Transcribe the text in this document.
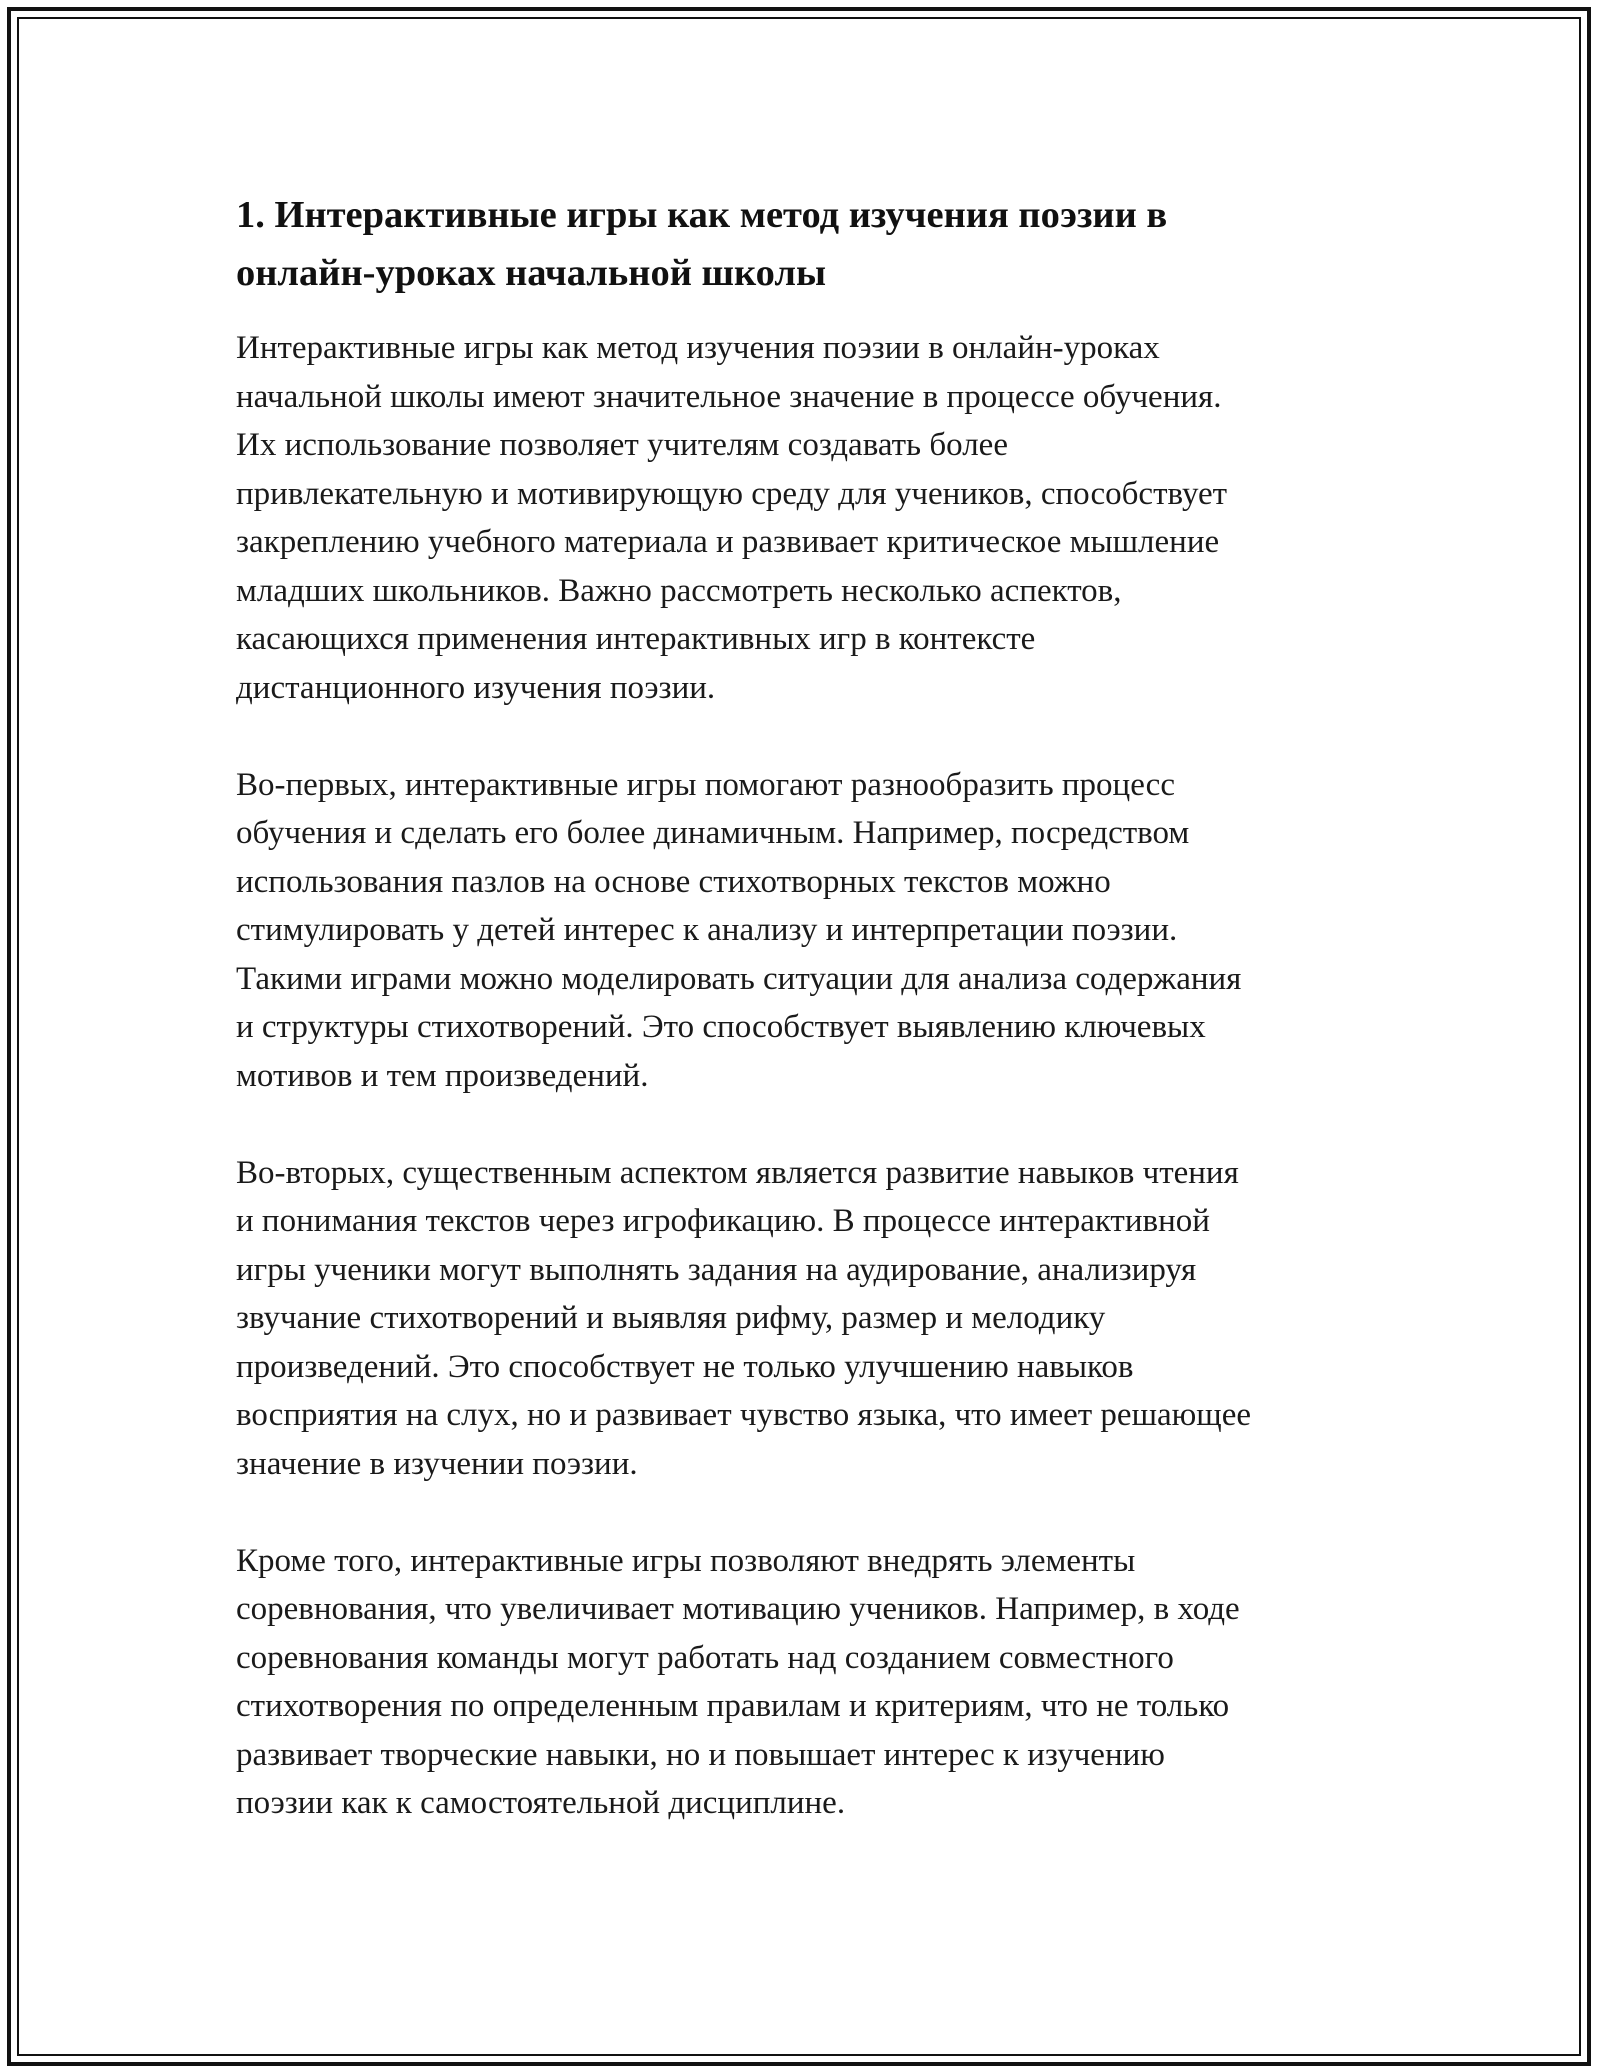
1. Интерактивные игры как метод изучения поэзии в
онлайн-уроках начальной школы

Интерактивные игры как метод изучения поэзии в онлайн-уроках
начальной школы имеют значительное значение в процессе обучения.
Их использование позволяет учителям создавать более
привлекательную и мотивирующую среду для учеников, способствует
закреплению учебного материала и развивает критическое мышление
младших школьников. Важно рассмотреть несколько аспектов,
касающихся применения интерактивных игр в контексте
дистанционного изучения поэзии.

Во-первых, интерактивные игры помогают разнообразить процесс
обучения и сделать его более динамичным. Например, посредством
использования пазлов на основе стихотворных текстов можно
стимулировать у детей интерес к анализу и интерпретации поэзии.
Такими играми можно моделировать ситуации для анализа содержания
и структуры стихотворений. Это способствует выявлению ключевых
мотивов и тем произведений.

Во-вторых, существенным аспектом является развитие навыков чтения
и понимания текстов через игрофикацию. В процессе интерактивной
игры ученики могут выполнять задания на аудирование, анализируя
звучание стихотворений и выявляя рифму, размер и мелодику
произведений. Это способствует не только улучшению навыков
восприятия на слух, но и развивает чувство языка, что имеет решающее
значение в изучении поэзии.

Кроме того, интерактивные игры позволяют внедрять элементы
соревнования, что увеличивает мотивацию учеников. Например, в ходе
соревнования команды могут работать над созданием совместного
стихотворения по определенным правилам и критериям, что не только
развивает творческие навыки, но и повышает интерес к изучению
поэзии как к самостоятельной дисциплине.
